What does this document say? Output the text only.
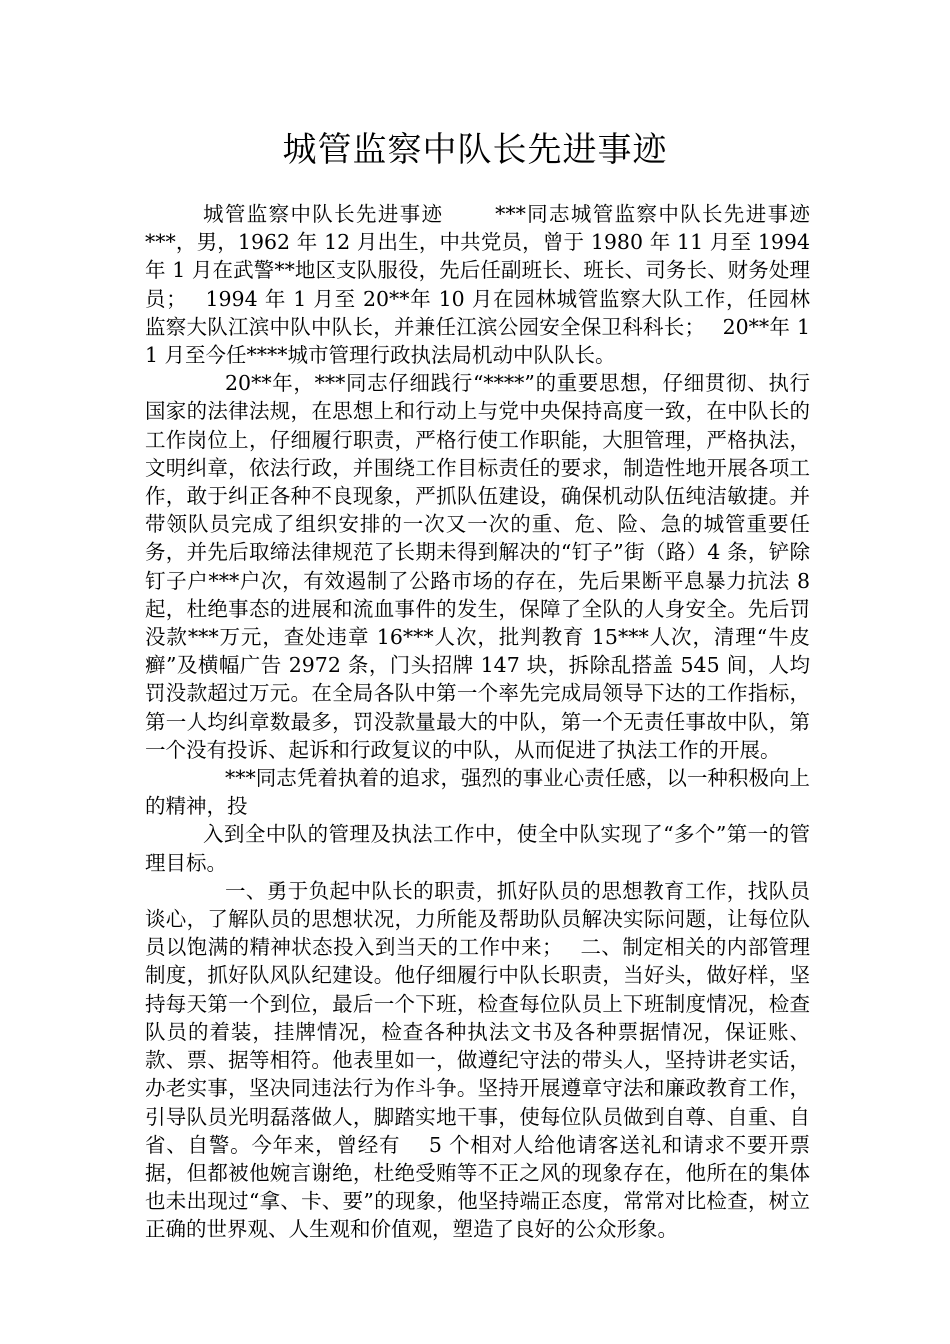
城管监察中队长先进事迹

城管监察中队长先进事迹　　 ***同志城管监察中队长先进事迹　 ***，男，1962 年 12 月出生，中共党员，曾于 1980 年 11 月至 1994 年 1 月在武警**地区支队服役，先后任副班长、班长、司务长、财务处理员；　 1994 年 1 月至 20**年 10 月在园林城管监察大队工作，任园林监察大队江滨中队中队长，并兼任江滨公园安全保卫科科长；　 20**年 11 月至今任****城市管理行政执法局机动中队队长。

20**年，***同志仔细践行“****”的重要思想，仔细贯彻、执行国家的法律法规，在思想上和行动上与党中央保持高度一致，在中队长的工作岗位上，仔细履行职责，严格行使工作职能，大胆管理，严格执法，文明纠章，依法行政，并围绕工作目标责任的要求，制造性地开展各项工作，敢于纠正各种不良现象，严抓队伍建设，确保机动队伍纯洁敏捷。并带领队员完成了组织安排的一次又一次的重、危、险、急的城管重要任务，并先后取缔法律规范了长期未得到解决的“钉子”街（路）4 条，铲除钉子户***户次，有效遏制了公路市场的存在，先后果断平息暴力抗法 8 起，杜绝事态的进展和流血事件的发生，保障了全队的人身安全。先后罚没款***万元，查处违章 16***人次，批判教育 15***人次，清理“牛皮癣”及横幅广告 2972 条，门头招牌 147 块，拆除乱搭盖 545 间，人均罚没款超过万元。在全局各队中第一个率先完成局领导下达的工作指标，第一人均纠章数最多，罚没款量最大的中队，第一个无责任事故中队，第一个没有投诉、起诉和行政复议的中队，从而促进了执法工作的开展。

***同志凭着执着的追求，强烈的事业心责任感，以一种积极向上的精神，投

入到全中队的管理及执法工作中，使全中队实现了“多个”第一的管理目标。

一、勇于负起中队长的职责，抓好队员的思想教育工作，找队员谈心，了解队员的思想状况，力所能及帮助队员解决实际问题，让每位队员以饱满的精神状态投入到当天的工作中来；　 二、制定相关的内部管理制度，抓好队风队纪建设。他仔细履行中队长职责，当好头，做好样，坚持每天第一个到位，最后一个下班，检查每位队员上下班制度情况，检查队员的着装，挂牌情况，检查各种执法文书及各种票据情况，保证账、款、票、据等相符。他表里如一，做遵纪守法的带头人，坚持讲老实话，办老实事，坚决同违法行为作斗争。坚持开展遵章守法和廉政教育工作，引导队员光明磊落做人，脚踏实地干事，使每位队员做到自尊、自重、自省、自警。今年来，曾经有　 5 个相对人给他请客送礼和请求不要开票据，但都被他婉言谢绝，杜绝受贿等不正之风的现象存在，他所在的集体也未出现过“拿、卡、要”的现象，他坚持端正态度，常常对比检查，树立正确的世界观、人生观和价值观，塑造了良好的公众形象。
